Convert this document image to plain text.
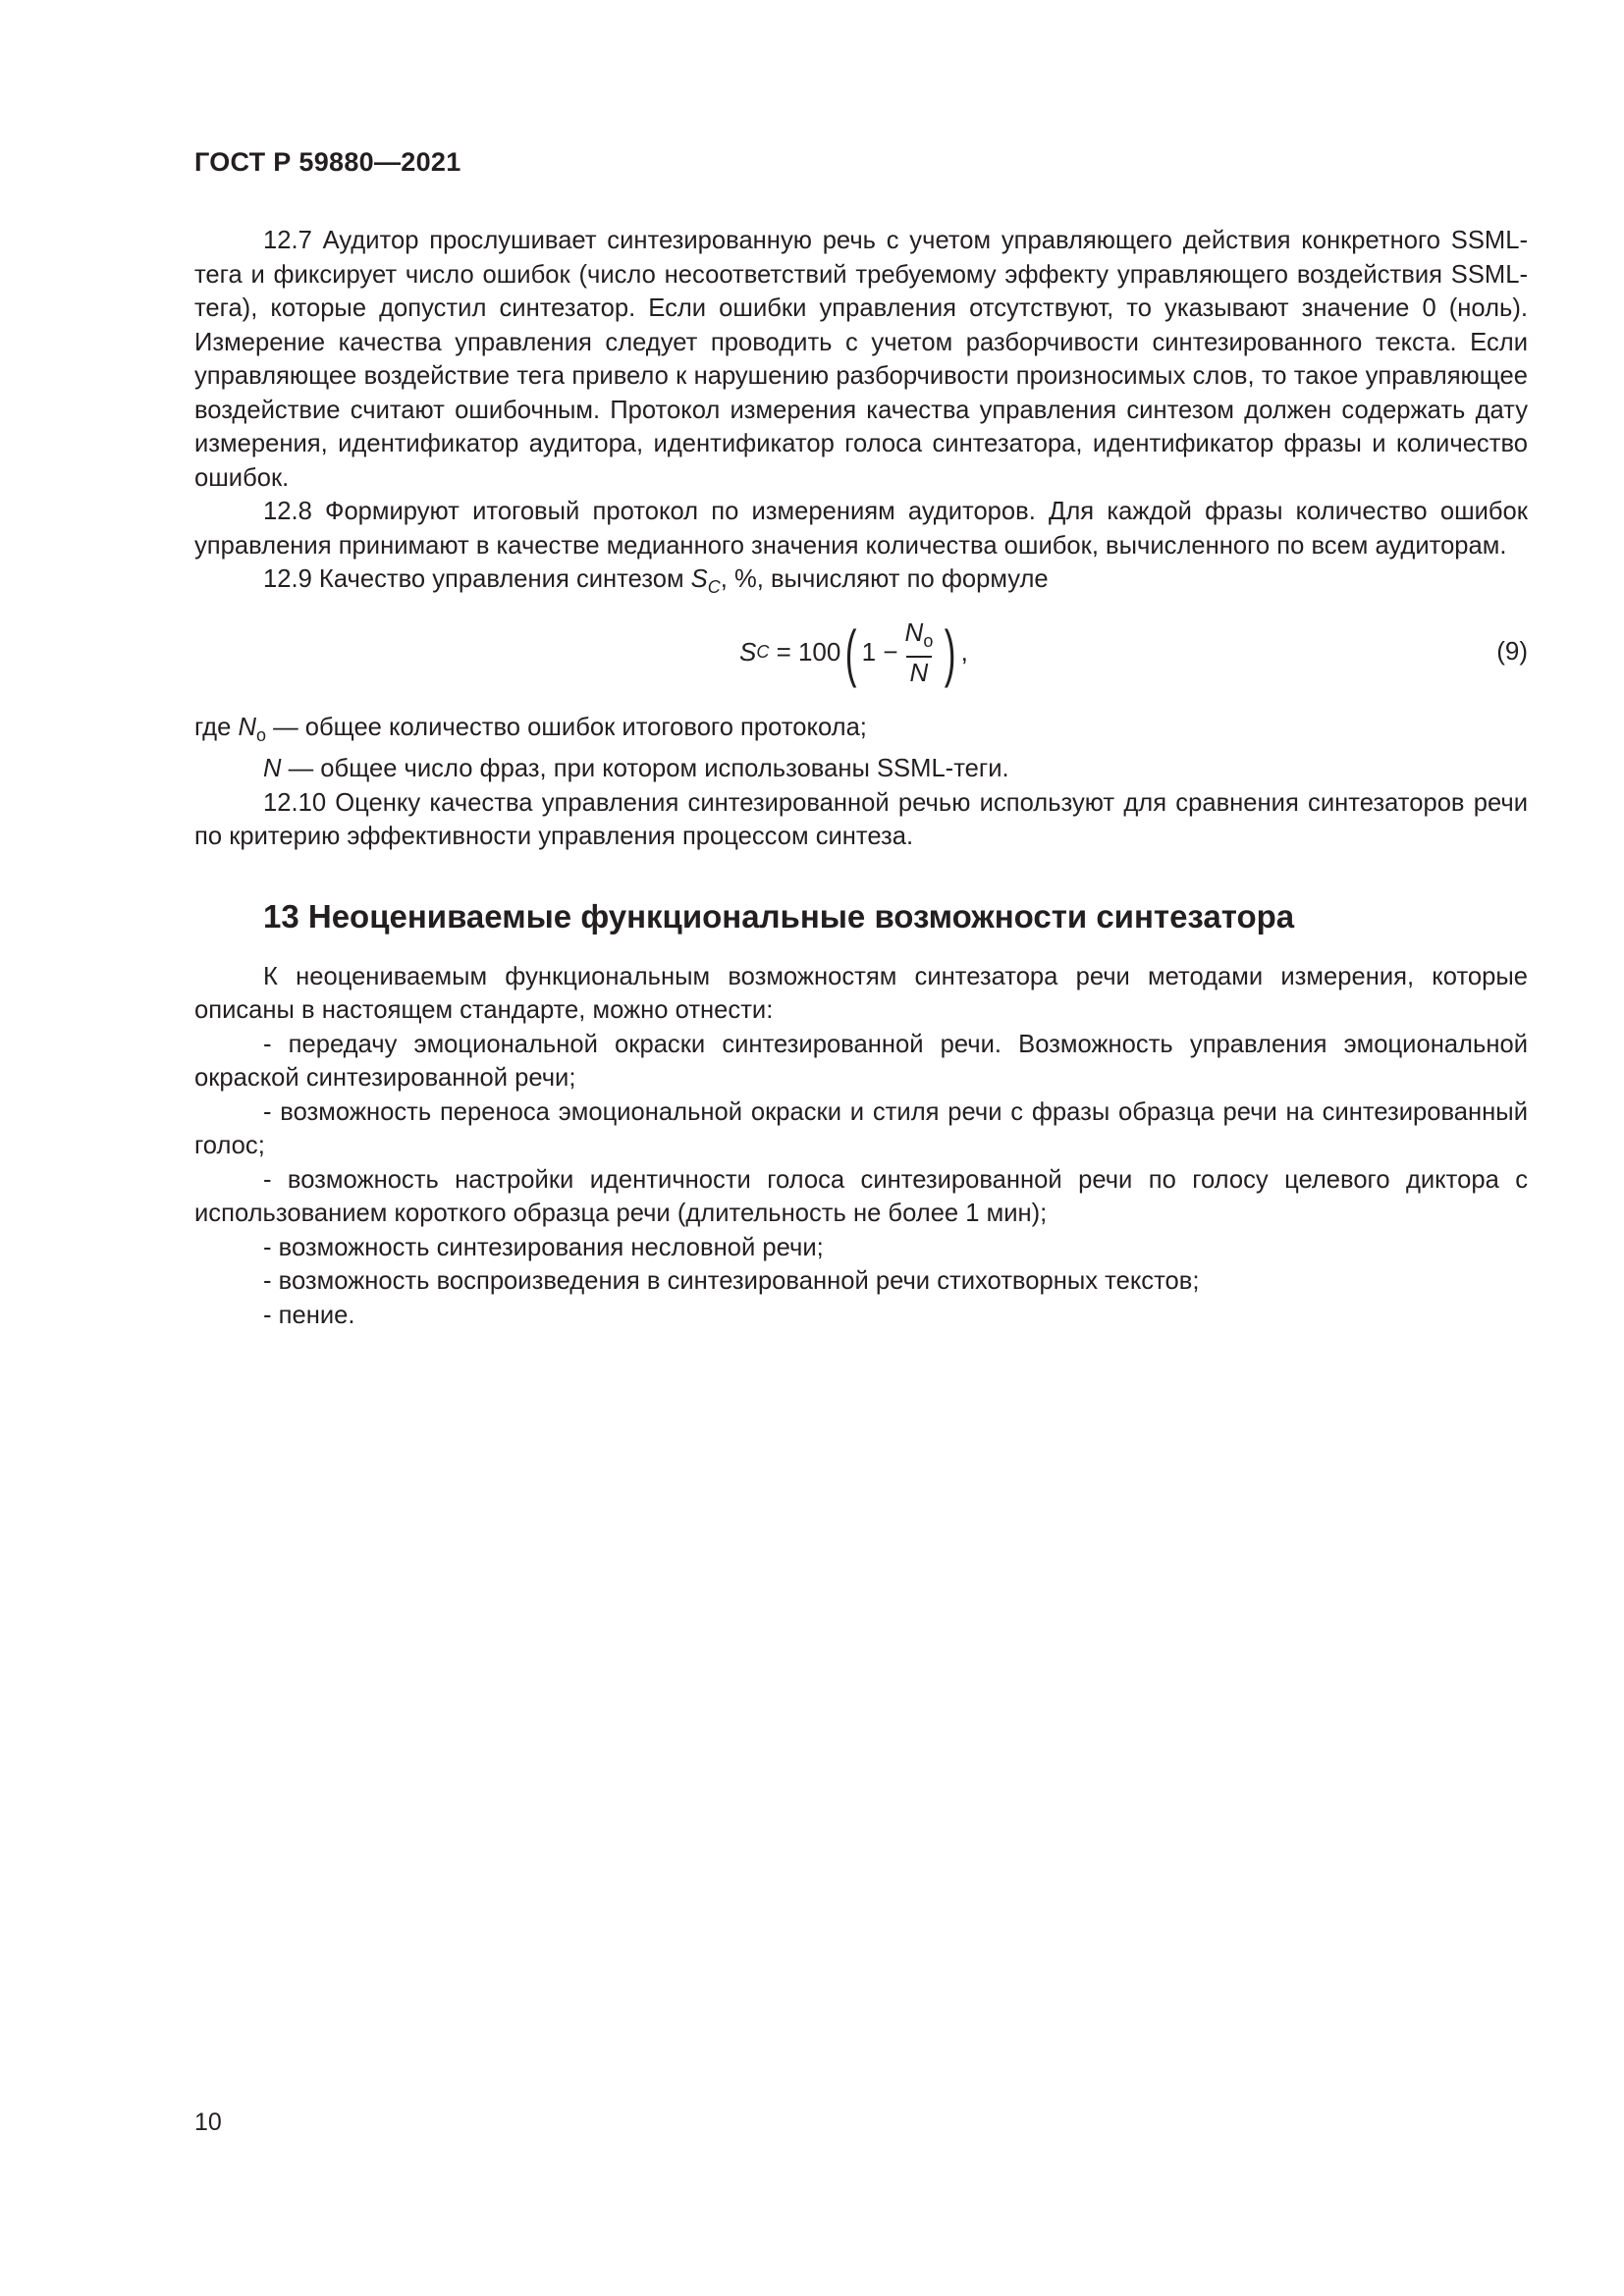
ГОСТ Р 59880—2021

12.7 Аудитор прослушивает синтезированную речь с учетом управляющего действия конкретного SSML-тега и фиксирует число ошибок (число несоответствий требуемому эффекту управляющего воздействия SSML-тега), которые допустил синтезатор. Если ошибки управления отсутствуют, то указывают значение 0 (ноль). Измерение качества управления следует проводить с учетом разборчивости синтезированного текста. Если управляющее воздействие тега привело к нарушению разборчивости произносимых слов, то такое управляющее воздействие считают ошибочным. Протокол измерения качества управления синтезом должен содержать дату измерения, идентификатор аудитора, идентификатор голоса синтезатора, идентификатор фразы и количество ошибок.

12.8 Формируют итоговый протокол по измерениям аудиторов. Для каждой фразы количество ошибок управления принимают в качестве медианного значения количества ошибок, вычисленного по всем аудиторам.

12.9 Качество управления синтезом $S_C$, %, вычисляют по формуле

S C = 100 ( $1 - \frac{N_о}{N}$ ) ,	(9)

где $N_о$ — общее количество ошибок итогового протокола;

N — общее число фраз, при котором использованы SSML-теги.

12.10 Оценку качества управления синтезированной речью используют для сравнения синтезаторов речи по критерию эффективности управления процессом синтеза.

13 Неоцениваемые функциональные возможности синтезатора

К неоцениваемым функциональным возможностям синтезатора речи методами измерения, которые описаны в настоящем стандарте, можно отнести:

- передачу эмоциональной окраски синтезированной речи. Возможность управления эмоциональной окраской синтезированной речи;

- возможность переноса эмоциональной окраски и стиля речи с фразы образца речи на синтезированный голос;

- возможность настройки идентичности голоса синтезированной речи по голосу целевого диктора с использованием короткого образца речи (длительность не более 1 мин);

- возможность синтезирования несловной речи;

- возможность воспроизведения в синтезированной речи стихотворных текстов;

- пение.

10
